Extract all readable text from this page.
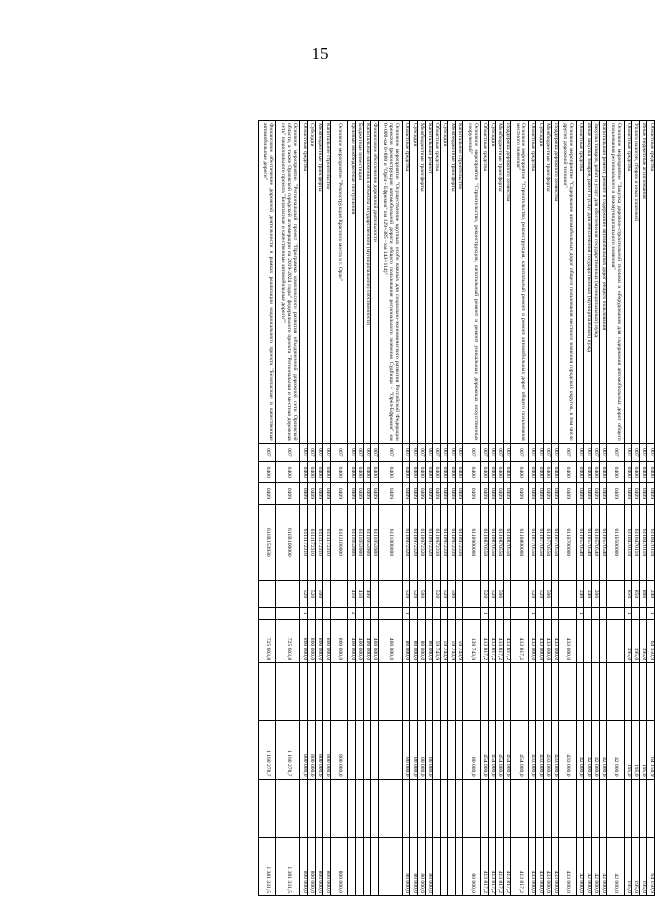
15
Областные средства	007	0400	0409	6110470110	240	1	64 150,9		64 150,9		64 150,9
Иные бюджетные ассигнования	007	0400	0409	6110470110	800		195,0		195,0		195,0
Уплата налогов, сборов и иных платежей	007	0400	0409	6110470110	850		195,0		195,0		195,0
Областные средства	007	0400	0409	6110470110	850	1	195,0		195,0		195,0
Основное мероприятие "Закупка дорожно-строительной техники и оборудования для содержания автомобильных дорог общего пользования регионального и межмуниципального значения"	007	0400	0409	6110500000					42 000,0		42 000,0
Капитальный ремонт, ремонт и содержание автомобильных дорог общего пользования	007	0400	0409	6110570540					42 000,0		42 000,0
Закупка товаров, работ и услуг для обеспечения государственных (муниципальных) нужд	007	0400	0409	6110570540	200				42 000,0		42 000,0
Иные закупки товаров, работ и услуг для обеспечения государственных (муниципальных) нужд	007	0400	0409	6110570540	240				42 000,0		42 000,0
Областные средства	007	0400	0409	6110570540	240	1			42 000,0		42 000,0
Основное мероприятие "Содержание автомобильных дорог общего пользования местного значения городских округов, в том числе других дорожной техники"	007	0400	0409	6110700000			433 000,0		433 000,0		433 000,0
Поддержка дорожного хозяйства	007	0400	0409	6110770550			433 000,0		433 000,0		433 000,0
Межбюджетные трансферты	007	0400	0409	6110770550	500		433 000,0		433 000,0		433 000,0
Субсидии	007	0400	0409	6110770550	520		433 000,0		433 000,0		433 000,0
Областные средства	007	0400	0409	6110770550	520	1	433 000,0		433 000,0		433 000,0
Основное мероприятие "Строительство, реконструкция, капитальный ремонт и ремонт автомобильных дорог общего пользования местного значения"	007	0400	0409	6110800000			413 817,2		454 000,0		413 817,2
Поддержка дорожного хозяйства	007	0400	0409	6110870550			413 817,2		454 000,0		413 817,2
Межбюджетные трансферты	007	0400	0409	6110870550	500		413 817,2		454 000,0		413 817,2
Субсидии	007	0400	0409	6110870550	520		413 817,2		454 000,0		413 817,2
Областные средства	007	0400	0409	6110870550	520	1	413 817,2		454 000,0		413 817,2
Основное мероприятие "Строительство, реконструкция, капитальный ремонт и ремонт уникальных дорожных искусственных сооружений"	007	0400	0409	6110900000			139 743,9		80 000,0		80 000,0
Капитальное строительство	007	0400	0409	6110972310			59 743,9				
Межбюджетные трансферты	007	0400	0409	6110972310	500		59 743,9				
Субсидии	007	0400	0409	6110972310	520		59 743,9				
Областные средства	007	0400	0409	6110972310	520		59 743,9				
Капитальный ремонт	007	0400	0409	6110972320			80 000,0		80 000,0		80 000,0
Межбюджетные трансферты	007	0400	0409	6110972320	500		80 000,0		80 000,0		80 000,0
Субсидии	007	0400	0409	6110972320	520		80 000,0		80 000,0		80 000,0
Областные средства	007	0400	0409	6110972320	520	1	80 000,0		80 000,0		80 000,0
Основное мероприятие "Осуществление крупных особо важных для социально-экономического развития Российской Федерации проектов (реконструкция автомобильной дороги общего пользования регионального значения Судбищи - "Орёл-Ефремов" км 0+000-км 0+800 и "Орёл - Ефремов" км 129+385 - км 143+114)"	007	0400	0409	6111000000			400 000,0				
Финансовое обеспечение дорожной деятельности	007	0400	0409	6111053900			400 000,0				
Капитальные вложения в объекты государственной (муниципальной) собственности	007	0400	0409	6111053900	400		400 000,0				
Бюджетные инвестиции	007	0400	0409	6111053900	410		400 000,0				
Целевые межбюджетные поступления	007	0400	0409	6111053900	410	2	400 000,0				
Основное мероприятие "Реконструкция Красного моста в г. Орле"	007	0400	0409	6111100000			800 000,0		800 000,0		800 000,0
Капитальное строительство	007	0400	0409	6111172310			800 000,0		800 000,0		800 000,0
Межбюджетные трансферты	007	0400	0409	6111172310	500		800 000,0		800 000,0		800 000,0
Субсидии	007	0400	0409	6111172310	520		800 000,0		800 000,0		800 000,0
Областные средства	007	0400	0409	6111172310	520	1	800 000,0		800 000,0		800 000,0
Основное мероприятие "Региональный проект "Программа комплексного развития объединенной дорожной сети Орловской области, а также Орловской городской агломерации на 2019-2024 годы" федерального проекта "Региональная и местная дорожная сеть" национального проекта "Безопасные и качественные автомобильные дороги""	007	0400	0409	611R100000			725 603,8		1 160 278,7		1 381 331,5
Финансовое обеспечение дорожной деятельности в рамках реализации национального проекта "Безопасные и качественные автомобильные дороги"	007	0400	0409	611R153930			725 603,8		1 160 278,7		1 381 331,5
